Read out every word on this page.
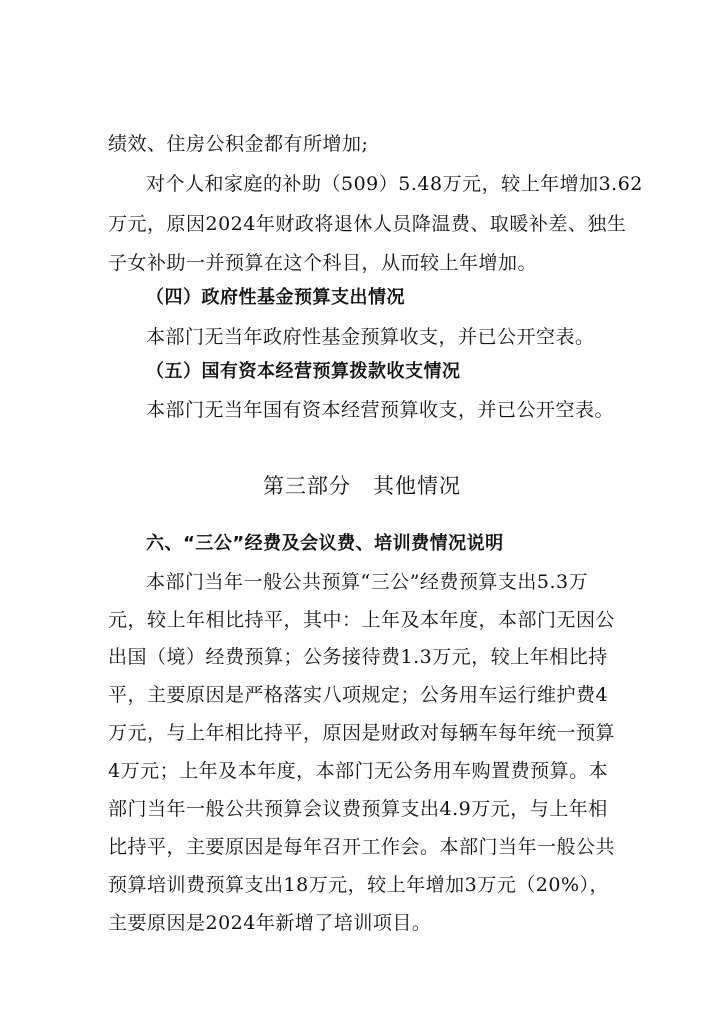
绩效、住房公积金都有所增加;
对个人和家庭的补助（509）5.48万元，较上年增加3.62
万元，原因2024年财政将退休人员降温费、取暖补差、独生
子女补助一并预算在这个科目，从而较上年增加。
（四）政府性基金预算支出情况
本部门无当年政府性基金预算收支，并已公开空表。
（五）国有资本经营预算拨款收支情况
本部门无当年国有资本经营预算收支，并已公开空表。
第三部分　其他情况
六、“三公”经费及会议费、培训费情况说明
本部门当年一般公共预算“三公”经费预算支出5.3万
元，较上年相比持平，其中：上年及本年度，本部门无因公
出国（境）经费预算；公务接待费1.3万元，较上年相比持
平，主要原因是严格落实八项规定；公务用车运行维护费4
万元，与上年相比持平，原因是财政对每辆车每年统一预算
4万元；上年及本年度，本部门无公务用车购置费预算。本
部门当年一般公共预算会议费预算支出4.9万元，与上年相
比持平，主要原因是每年召开工作会。本部门当年一般公共
预算培训费预算支出18万元，较上年增加3万元（20%），
主要原因是2024年新增了培训项目。
